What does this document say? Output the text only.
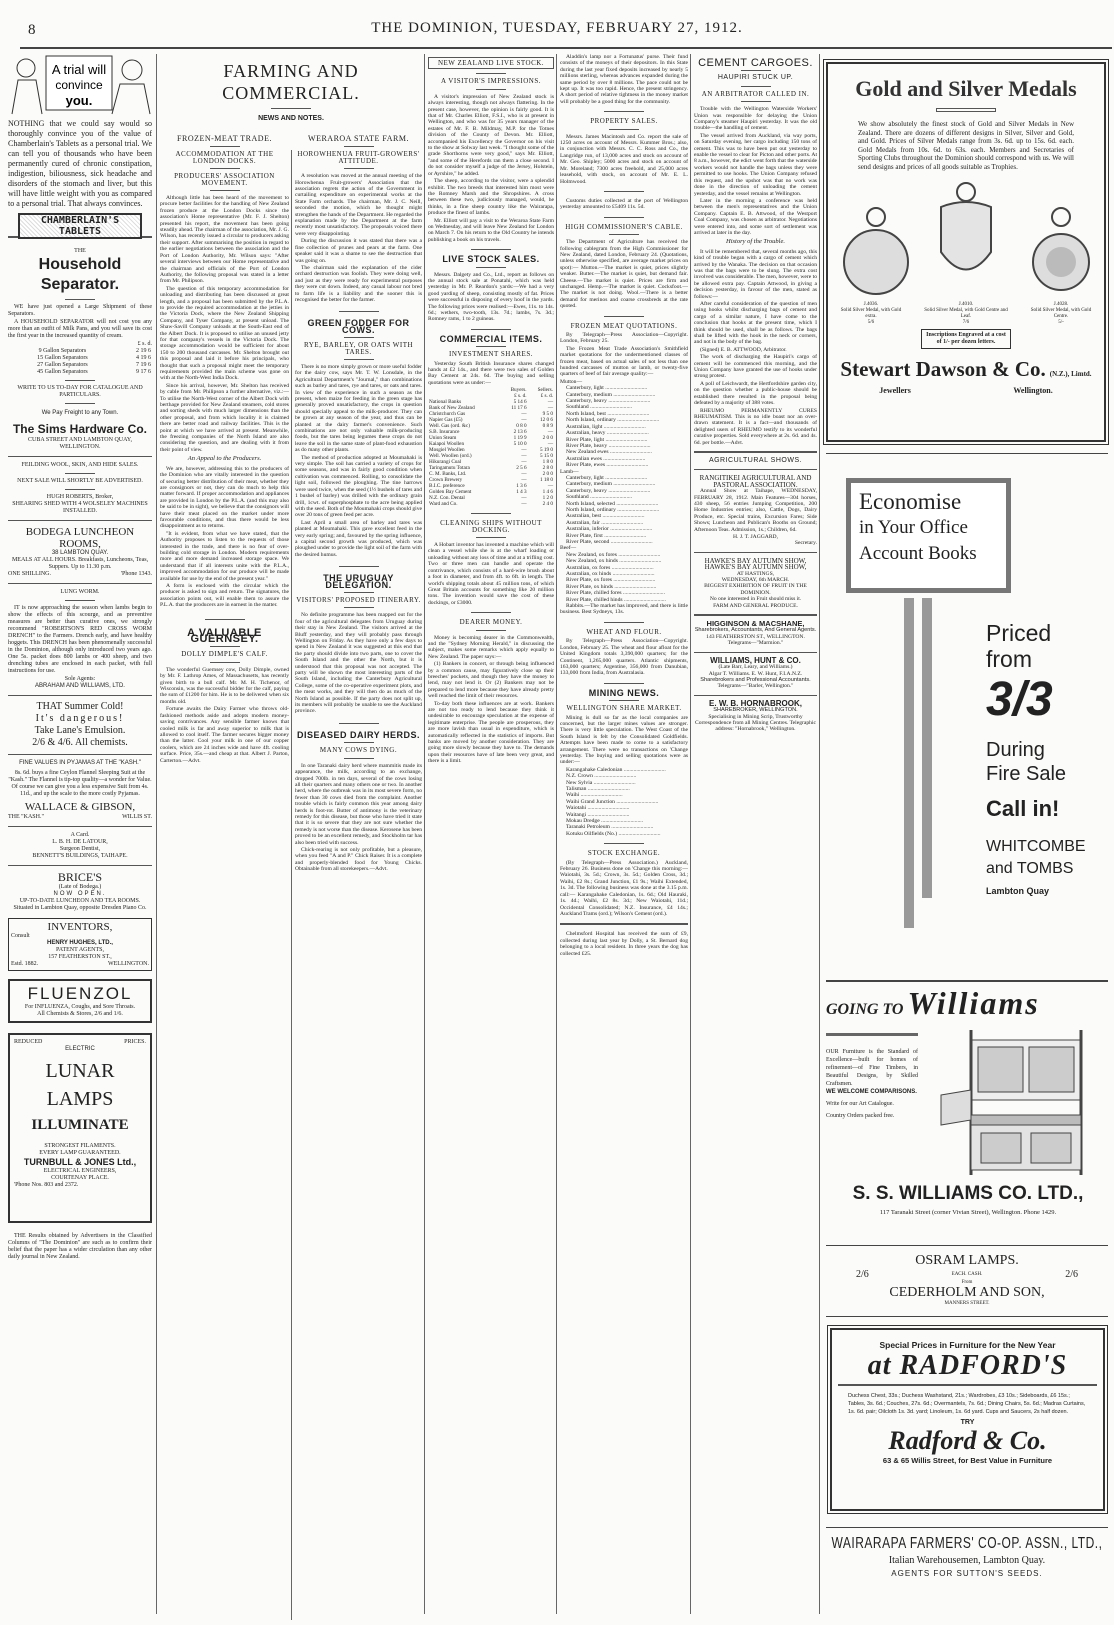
8	THE DOMINION, TUESDAY, FEBRUARY 27, 1912.
A trial will
convince
you.

NOTHING that we could say would so thoroughly convince you of the value of Chamberlain's Tablets as a personal trial. We can tell you of thousands who have been permanently cured of chronic constipation, indigestion, biliousness, sick headache and disorders of the stomach and liver, but this will have little weight with you as compared to a personal trial. That always convinces.

CHAMBERLAIN'S TABLETS
THE
Household Separator.

WE have just opened a Large Shipment of these Separators.

A HOUSEHOLD SEPARATOR will not cost you any more than an outfit of Milk Pans, and you will save its cost the first year in the increased quantity of cream.

£ s. d.
9 Gallon Separators	2 19 6
15 Gallon Separators	4 19 6
27 Gallon Separators	7 19 6
45 Gallon Separators	9 17 6
WRITE TO US TO-DAY FOR CATALOGUE AND PARTICULARS.
We Pay Freight to any Town.
The Sims Hardware Co.
CUBA STREET AND LAMBTON QUAY,
WELLINGTON.
FEILDING WOOL, SKIN, AND HIDE SALES.
NEXT SALE WILL SHORTLY BE ADVERTISED.
HUGH ROBERTS, Broker,
SHEARING SHED WITH 4 WOLSELEY MACHINES INSTALLED.
BODEGA LUNCHEON ROOMS,
38 LAMBTON QUAY.
MEALS AT ALL HOURS. Breakfasts, Luncheons, Teas, Suppers. Up to 11.30 p.m.
ONE SHILLING.	'Phone 1343.
LUNG WORM.

IT is now approaching the season when lambs begin to show the effects of this scourge, and as preventive measures are better than curative ones, we strongly recommend "ROBERTSON'S RED CROSS WORM DRENCH" to the Farmers. Drench early, and have healthy hoggets. This DRENCH has been phenomenally successful in the Dominion, although only introduced two years ago. One 5s. packet does 800 lambs or 400 sheep, and two drenching tubes are enclosed in each packet, with full instructions for use.

Sole Agents:
ABRAHAM AND WILLIAMS, LTD.
THAT Summer Cold!
It's dangerous!
Take Lane's Emulsion.
2/6 & 4/6. All chemists.
FINE VALUES IN PYJAMAS AT THE "KASH."
8s. 6d. buys a fine Ceylon Flannel Sleeping Suit at the "Kash." The Flannel is tip-top quality—a wonder for Value. Of course we can give you a less expensive Suit from 4s. 11d., and up the scale to the more costly Pyjamas.
WALLACE & GIBSON,
THE "KASH."	WILLIS ST.
A Card.
L. B. H. DE LATOUR,
Surgeon Dentist,
BENNETT'S BUILDINGS, TAIHAPE.
BRICE'S
(Late of Bodega.)
NOW OPEN.
UP-TO-DATE LUNCHEON AND TEA ROOMS.
Situated in Lambton Quay, opposite Dresden Piano Co.
INVENTORS,
Consult
HENRY HUGHES, LTD.,
PATENT AGENTS,
157 FEATHERSTON ST.,
Estd. 1882.	WELLINGTON.
FLUENZOL
For INFLUENZA, Coughs, and Sore Throats.
All Chemists & Stores, 2/6 and 1/6.
REDUCED	PRICES.
ELECTRIC
LUNAR
LAMPS
ILLUMINATE
STRONGEST FILAMENTS.
EVERY LAMP GUARANTEED.
TURNBULL & JONES Ltd.,
ELECTRICAL ENGINEERS,
COURTENAY PLACE.
'Phone Nos. 803 and 2372.

THE Results obtained by Advertisers in the Classified Columns of "The Dominion" are such as to confirm their belief that the paper has a wider circulation than any other daily journal in New Zealand.

FARMING AND COMMERCIAL.
NEWS AND NOTES.
FROZEN-MEAT TRADE.
ACCOMMODATION AT THE LONDON DOCKS.
PRODUCERS' ASSOCIATION MOVEMENT.

Although little has been heard of the movement to procure better facilities for the handling of New Zealand frozen produce at the London Docks since the association's Home representative (Mr. F. J. Shelton) presented his report, the movement has been going steadily ahead. The chairman of the association, Mr. J. G. Wilson, has recently issued a circular to producers asking their support. After summarising the position in regard to the earlier negotiations between the association and the Port of London Authority, Mr. Wilson says: "After several interviews between our Home representative and the chairman and officials of the Port of London Authority, the following proposal was stated in a letter from Mr. Philipson.

The question of this temporary accommodation for unloading and distributing has been discussed at great length, and a proposal has been submitted by the P.L.A. to provide the required accommodation at the jetties in the Victoria Dock, where the New Zealand Shipping Company, and Tyser Company, at present unload. The Shaw-Savill Company unloads at the South-East end of the Albert Dock. It is proposed to utilise an unused jetty for that company's vessels in the Victoria Dock. The storage accommodation would be sufficient for about 150 to 200 thousand carcasses. Mr. Shelton brought out this proposal and laid it before his principals, who thought that such a proposal might meet the temporary requirements provided the main scheme was gone on with at the North-West India Dock.

Since his arrival, however, Mr. Shelton has received by cable from Mr. Philipson a further alternative, viz.:—To utilise the North-West corner of the Albert Dock with berthage provided for New Zealand steamers, cold stores and sorting sheds with much larger dimensions than the other proposal, and from which locality it is claimed there are better road and railway facilities. This is the point at which we have arrived at present. Meanwhile, the freezing companies of the North Island are also considering the question, and are dealing with it from their point of view.

An Appeal to the Producers.

We are, however, addressing this to the producers of the Dominion who are vitally interested in the question of securing better distribution of their meat, whether they are consignors or not, they can do much to help this matter forward. If proper accommodation and appliances are provided in London by the P.L.A. (and this may also be said to be in sight), we believe that the consignors will have their meat placed on the market under more favourable conditions, and thus there would be less disappointment as to returns.

"It is evident, from what we have stated, that the Authority proposes to listen to the requests of those interested in the trade, and there is no fear of over-building cold storage in London. Modern requirements more and more demand increased storage space. We understand that if all interests unite with the P.L.A., improved accommodation for our produce will be made available for use by the end of the present year."

A form is enclosed with the circular which the producer is asked to sign and return. The signatures, the association points out, will enable them to assure the P.L.A. that the producers are in earnest in the matter.

A VALUABLE GUERNSEY.
DOLLY DIMPLE'S CALF.

The wonderful Guernsey cow, Dolly Dimple, owned by Mr. F. Lathrop Ames, of Massachusetts, has recently given birth to a bull calf. Mr. M. H. Tichenor, of Wisconsin, was the successful bidder for the calf, paying the sum of £1200 for him. He is to be delivered when six months old.

Fortune awaits the Dairy Farmer who throws old-fashioned methods aside and adopts modern money-saving contrivances. Any sensible farmer knows that cooled milk is far and away superior to milk that is allowed to cool itself. The farmer secures bigger money than the latter. Cool your milk in one of our copper coolers, which are 24 inches wide and have 4ft. cooling surface. Price, 35s.—and cheap at that. Albert J. Parton, Carterton.—Advt.

WERAROA STATE FARM.
HOROWHENUA FRUIT-GROWERS' ATTITUDE.

A resolution was moved at the annual meeting of the Horowhenua Fruit-growers' Association that the association regrets the action of the Government in curtailing expenditure on experimental works at the State Farm orchards. The chairman, Mr. J. C. Neill, seconded the motion, which he thought might strengthen the hands of the Department. He regarded the explanation made by the Department at the farm recently most unsatisfactory. The proposals voiced there were very disappointing.

During the discussion it was stated that there was a fine collection of prunes and pears at the farm. One speaker said it was a shame to see the destruction that was going on.

The chairman said the explanation of the cider orchard destruction was foolish. They were doing well, and just as they were ready for experimental purposes they were cut down. Indeed, any casual labour not bred to farm life is a liability and the sooner this is recognised the better for the farmer.

GREEN FODDER FOR COWS.
RYE, BARLEY, OR OATS WITH TARES.

There is no more simply grown or more useful fodder for the dairy cow, says Mr. T. W. Lonsdale, in the Agricultural Department's "Journal," than combinations such as barley and tares, rye and tares, or oats and tares. In view of the experience in such a season as the present, when maize for feeding in the green stage has generally proved unsatisfactory, the crops in question should specially appeal to the milk-producer. They can be grown at any season of the year, and thus can be planted at the dairy farmer's convenience. Such combinations are not only valuable milk-producing foods, but the tares being legumes these crops do not leave the soil in the same state of plant-food exhaustion as do many other plants.

The method of production adopted at Moumahaki is very simple. The soil has carried a variety of crops for some seasons, and was in fairly good condition when cultivation was commenced. Rolling, to consolidate the light soil, followed the ploughing. The tine harrows were used twice, when the seed (1½ bushels of tares and 1 bushel of barley) was drilled with the ordinary grain drill, 1cwt. of superphosphate to the acre being applied with the seed. Both of the Moumahaki crops should give over 20 tons of green feed per acre.

Last April a small area of barley and tares was planted at Moumahaki. This gave excellent feed in the very early spring; and, favoured by the spring influence, a capital second growth was produced, which was ploughed under to provide the light soil of the farm with the desired humus.

THE URUGUAY DELEGATION.
VISITORS' PROPOSED ITINERARY.

No definite programme has been mapped out for the four of the agricultural delegates from Uruguay during their stay in New Zealand. The visitors arrived at the Bluff yesterday, and they will probably pass through Wellington on Friday. As they have only a few days to spend in New Zealand it was suggested at this end that the party should divide into two parts, one to cover the South Island and the other the North, but it is understood that this proposal was not accepted. The party will be shown the most interesting parts of the South Island, including the Canterbury Agricultural College, some of the co-operative experiment plots, and the meat works, and they will then do as much of the North Island as possible. If the party does not split up, its members will probably be unable to see the Auckland province.

DISEASED DAIRY HERDS.
MANY COWS DYING.

In one Taranaki dairy herd where mammitis made its appearance, the milk, according to an exchange, dropped 700lb. in ten days, several of the cows losing all their quarters and many others one or two. In another herd, where the outbreak was in its most severe form, no fewer than 30 cows died from the complaint. Another trouble which is fairly common this year among dairy herds is foot-rot. Butter of antimony is the veterinary remedy for this disease, but those who have tried it state that it is so severe that they are not sure whether the remedy is not worse than the disease. Kerosene has been proved to be an excellent remedy, and Stockholm tar has also been tried with success.

Chick-rearing is not only profitable, but a pleasure, when you feed "A and P." Chick Raiser. It is a complete and properly-blended food for Young Chicks. Obtainable from all storekeepers.—Advt.

NEW ZEALAND LIVE STOCK.
A VISITOR'S IMPRESSIONS.

A visitor's impression of New Zealand stock is always interesting, though not always flattering. In the present case, however, the opinion is fairly good. It is that of Mr. Charles Elliott, F.S.I., who is at present in Wellington, and who was for 35 years manager of the estates of Mr. F. B. Mildmay, M.P. for the Totnes division of the County of Devon. Mr. Elliott, accompanied his Excellency the Governor on his visit to the show at Solway last week. "I thought some of the grade Shorthorns were very good," says Mr. Elliott, "and some of the Herefords ran them a close second. I do not consider myself a judge of the Jersey, Holstein, or Ayrshire," he added.

The sheep, according to the visitor, were a splendid exhibit. The two breeds that interested him most were the Romney Marsh and the Shropshires. A cross between these two, judiciously managed, would, he thinks, in a fine sheep country like the Wairarapa, produce the finest of lambs.

Mr. Elliott will pay a visit to the Weraroa State Farm on Wednesday, and will leave New Zealand for London on March 7. On his return to the Old Country he intends publishing a book on his travels.

LIVE STOCK SALES.

Messrs. Dalgety and Co., Ltd., report as follows on the annual stock sale at Ponatahi, which was held yesterday in Mr. P. Reardon's yards:—We had a very good yarding of sheep, consisting mostly of fat. Prices were successful in disposing of every hoof in the yards. The following prices were realised:—Ewes, 11s. to 14s. 6d.; wethers, two-tooth, 13s. 7d.; lambs, 7s. 3d.; Romney rams, 1 to 2 guineas.

COMMERCIAL ITEMS.
INVESTMENT SHARES.

Yesterday South British Insurance shares changed hands at £2 14s., and there were two sales of Golden Bay Cement at 24s. 6d. The buying and selling quotations were as under:—

	Buyers.	Sellers.
	£ s. d.	£ s. d.
National Banks	5 14 6	—
Bank of New Zealand	11 17 6	—
Christchurch Gas	—	9 5 0
Napier Gas (£5)	—	12 0 6
Well. Gas (ord. &c)	0 8 0	0 8 9
S.B. Insurance	2 13 6	—
Union Steam	1 19 9	2 0 0
Kaiapoi Woollen	5 10 0	—
Mosgiel Woollen	—	5 19 0
Well. Woollen (ord.)	—	5 15 0
Hikurangi Coal	—	1 8 0
Taringamutu Totara	2 5 6	2 8 0
C. M. Banks, Ltd.	—	2 0 0
Crown Brewery	—	1 18 0
B.I.C. preference	1 3 6	—
Golden Bay Cement	1 4 3	1 4 6
N.Z. Con. Dental	—	1 2 0
Ward and Co.	—	2 4 0
CLEANING SHIPS WITHOUT DOCKING.

A Hobart inventor has invented a machine which will clean a vessel while she is at the wharf loading or unloading without any loss of time and at a trifling cost. Two or three men can handle and operate the contrivance, which consists of a hard-wire brush about a foot in diameter, and from 4ft. to 6ft. in length. The world's shipping totals about 45 million tons, of which Great Britain accounts for something like 20 million tons. The invention would save the cost of these dockings, or £3000.

DEARER MONEY.

Money is becoming dearer in the Commonwealth, and the "Sydney Morning Herald," in discussing the subject, makes some remarks which apply equally to New Zealand. The paper says:—

(1) Bankers in concert, or through being influenced by a common cause, may figuratively close up their breeches' pockets, and though they have the money to lend, may not lend it. Or (2) Bankers may not be prepared to lend more because they have already pretty well reached the limit of their resources.

To-day both these influences are at work. Bankers are not too ready to lend because they think it undesirable to encourage speculation at the expense of legitimate enterprise. The people are prosperous, they are more lavish than usual in expenditure, which is automatically reflected in the statistics of imports. But banks are moved by another consideration. They are going more slowly because they have to. The demands upon their resources have of late been very great, and there is a limit.

Aladdin's lamp nor a Fortunatus' purse. Their fund consists of the moneys of their depositors. In this State during the last year fixed deposits increased by nearly 5 millions sterling, whereas advances expanded during the same period by over 8 millions. The pace could not be kept up. It was too rapid. Hence, the present stringency. A short period of relative tightness in the money market will probably be a good thing for the community.

PROPERTY SALES.

Messrs. James Macintosh and Co. report the sale of 1250 acres on account of Messrs. Kummer Bros.; also, in conjunction with Messrs. C. C. Ross and Co., the Langridge run, of 13,000 acres and stock on account of Mr. Geo. Shipley; 5000 acres and stock on account of Mr. Moreland; 7300 acres freehold, and 25,000 acres leasehold, with stock, on account of Mr. E. L. Holmwood.

Customs duties collected at the port of Wellington yesterday amounted to £5409 11s. 5d.

HIGH COMMISSIONER'S CABLE.

The Department of Agriculture has received the following cablegram from the High Commissioner for New Zealand, dated London, February 24. (Quotations, unless otherwise specified, are average market prices on spot):— Mutton.—The market is quiet, prices slightly weaker. Butter.—The market is quiet, but demand fair. Cheese.—The market is quiet. Prices are firm and unchanged. Hemp.—The market is quiet. Cocksfoot.—The market is not doing. Wool.—There is a better demand for merinos and coarse crossbreds at the rate quoted.

FROZEN MEAT QUOTATIONS.

By Telegraph—Press Association—Copyright. London, February 25.

The Frozen Meat Trade Association's Smithfield market quotations for the undermentioned classes of frozen meat, based on actual sales of not less than one hundred carcasses of mutton or lamb, or twenty-five quarters of beef of fair average quality:—

Mutton—
Canterbury, light ..............................
Canterbury, medium ..............................
Canterbury, heavy ..............................
Southland ..............................
North Island, best ..............................
North Island, ordinary ..............................
Australian, light ..............................
Australian, heavy ..............................
River Plate, light ..............................
River Plate, heavy ..............................
New Zealand ewes ..............................
Australian ewes ..............................
River Plate, ewes ..............................
Lamb—
Canterbury, light ..............................
Canterbury, medium ..............................
Canterbury, heavy ..............................
Southland ..............................
North Island, selected ..............................
North Island, ordinary ..............................
Australian, best ..............................
Australian, fair ..............................
Australian, inferior ..............................
River Plate, first ..............................
River Plate, second ..............................
Beef—
New Zealand, ox fores ..............................
New Zealand, ox hinds ..............................
Australian, ox fores ..............................
Australian, ox hinds ..............................
River Plate, ox fores ..............................
River Plate, ox hinds ..............................
River Plate, chilled fores ..............................
River Plate, chilled hinds ..............................

Rabbits.—The market has improved, and there is little business. Best Sydneys, 13s.

WHEAT AND FLOUR.

By Telegraph—Press Association—Copyright. London, February 25. The wheat and flour afloat for the United Kingdom totals 3,390,000 quarters; for the Continent, 1,265,000 quarters. Atlantic shipments, 163,000 quarters; Argentine, 356,000 from Danubian, 133,000 from India, from Australasia.

MINING NEWS.
WELLINGTON SHARE MARKET.

Mining is dull so far as the local companies are concerned, but the larger mines values are stronger. There is very little speculation. The West Coast of the South Island is felt by the Consolidated Goldfields. Attempts have been made to come to a satisfactory arrangement. There were no transactions on 'Change yesterday. The buying and selling quotations were as under:—

Karangahake Caledonian ..............................
N.Z. Crown ..............................
New Sylvia ..............................
Talisman ..............................
Waihi ..............................
Waihi Grand Junction ..............................
Waiotahi ..............................
Waitangi ..............................
Mokau Dredge ..............................
Taranaki Petroleum ..............................
Kotuku Oilfields (No.) ..............................
STOCK EXCHANGE.

(By Telegraph—Press Association.) Auckland, February 26. Business done on 'Change this morning:— Waiotahi, 3s. 5d.; Crown, 3s. 5d.; Golden Cross, 3d.; Waihi, £2 8s.; Grand Junction, £1 9s.; Waihi Extended, 1s. 3d. The following business was done at the 3.15 p.m. call:— Karangahake Caledonian, 1s. 6d.; Old Hauraki, 1s. 4d.; Waihi, £2 8s. 3d.; New Waiotahi, 11d.; Occidental Consolidated; N.Z. Insurance, £4 14s.; Auckland Trams (ord.); Wilson's Cement (ord.).

Chelmsford Hospital has received the sum of £9, collected during last year by Dolly, a St. Bernard dog belonging to a local resident. In three years the dog has collected £25.

CEMENT CARGOES.
HAUPIRI STUCK UP.
AN ARBITRATOR CALLED IN.

Trouble with the Wellington Waterside Workers' Union was responsible for delaying the Union Company's steamer Haupiri yesterday. It was the old trouble—the handling of cement.

The vessel arrived from Auckland, via way ports, on Saturday evening, her cargo including 150 tons of cement. This was to have been put out yesterday to enable the vessel to clear for Picton and other ports. At 8 a.m., however, the edict went forth that the waterside workers would not handle the bags unless they were permitted to use hooks. The Union Company refused this request, and the upshot was that no work was done in the direction of unloading the cement yesterday, and the vessel remains at Wellington.

Later in the morning a conference was held between the men's representatives and the Union Company. Captain E. B. Attwood, of the Westport Coal Company, was chosen as arbitrator. Negotiations were entered into, and some sort of settlement was arrived at later in the day.

History of the Trouble.

It will be remembered that, several months ago, this kind of trouble began with a cargo of cement which arrived by the Wanaka. The decision on that occasion was that the bags were to be slung. The extra cost involved was considerable. The men, however, were to be allowed extra pay. Captain Attwood, in giving a decision yesterday, in favour of the men, stated as follows:—

After careful consideration of the question of men using hooks whilst discharging bags of cement and cargo of a similar nature, I have come to the conclusion that hooks at the present time, which I think should be used, shall be as follows. The bags shall be lifted with the hook in the neck or corners, and not in the body of the bag.

(Signed) E. B. ATTWOOD, Arbitrator.

The work of discharging the Haupiri's cargo of cement will be commenced this morning, and the Union Company have granted the use of hooks under strong protest.

A poll of Leichwardt, the Hertfordshire garden city, on the question whether a public-house should be established there resulted in the proposal being defeated by a majority of 388 votes.

RHEUMO PERMANENTLY CURES RHEUMATISM. This is no idle boast nor an over-drawn statement. It is a fact—and thousands of delighted users of RHEUMO testify to its wonderful curative properties. Sold everywhere at 2s. 6d. and 4s. 6d. per bottle.—Advt.

AGRICULTURAL SHOWS.
RANGITIKEI AGRICULTURAL AND PASTORAL ASSOCIATION.

Annual Show at Taihape, WEDNESDAY, FEBRUARY 28, 1912. Main Features—304 horses, 430 sheep, 56 entries Jumping Competition, 200 Home Industries entries; also, Cattle, Dogs, Dairy Produce, etc. Special trains, Excursion Fares; Side Shows; Luncheon and Publican's Booths on Ground; Afternoon Teas. Admission, 1s.; Children, 6d.

H. J. T. JAGGARD,
Secretary.
HAWKE'S BAY AUTUMN SHOW,
HAWKE'S BAY AUTUMN SHOW,
AT HASTINGS,
WEDNESDAY, 6th MARCH.
BIGGEST EXHIBITION OF FRUIT IN THE DOMINION.
No one interested in Fruit should miss it.
FARM AND GENERAL PRODUCE.
HIGGINSON & MACSHANE,
Sharebrokers, Accountants, And General Agents.
143 FEATHERSTON ST., WELLINGTON.
Telegrams—"Marmion."
WILLIAMS, HUNT & CO.
(Late Barr, Leary, and Williams.)
Algar T. Williams. E. W. Hunt, F.I.A.N.Z.
Sharebrokers and Professional Accountants.
Telegrams—"Barler, Wellington."
E. W. B. HORNABROOK,
SHAREBROKER, WELLINGTON.

Specialising in Mining Scrip, Trustworthy Correspondence from all Mining Centres. Telegraphic address: "Hornabrook," Wellington.

Gold and Silver Medals

We show absolutely the finest stock of Gold and Silver Medals in New Zealand. There are dozens of different designs in Silver, Silver and Gold, and Gold. Prices of Silver Medals range from 3s. 6d. up to 15s. 6d. each. Gold Medals from 10s. 6d. to 63s. each. Members and Secretaries of Sporting Clubs throughout the Dominion should correspond with us. We will send designs and prices of all goods suitable as Trophies.

J.4036.
Solid Silver Medal, with Gold extra.
5/6
J.4010.
Solid Silver Medal, with Gold Centre and Leaf.
7/6
Inscriptions Engraved at a cost of 1/- per dozen letters.
J.4028.
Solid Silver Medal, with Gold Centre.
5/-
Stewart Dawson & Co. (N.Z.), Limtd.
Jewellers	Wellington.
Economise
in Your Office
Account Books
Priced
from
3/3
During
Fire Sale
Call in!
WHITCOMBE
and TOMBS
Lambton Quay
GOING TO Williams

OUR Furniture is the Standard of Excellence—built for homes of refinement—of Fine Timbers, in Beautiful Designs, by Skilled Craftsmen.

WE WELCOME COMPARISONS.

Write for our Art Catalogue.

Country Orders packed free.

S. S. WILLIAMS CO. LTD.,
117 Taranaki Street (corner Vivian Street), Wellington. Phone 1429.
OSRAM LAMPS.
2/6	EACH. CASH.	2/6
From
CEDERHOLM AND SON,
MANNERS STREET.
Special Prices in Furniture for the New Year
at RADFORD'S

Duchess Chest, 33s.; Duchess Washstand, 21s.; Wardrobes, £3 10s.; Sideboards, £6 15s.; Tables, 3s. 6d.; Couches, 27s. 6d.; Overmantels, 7s. 6d.; Dining Chairs, 5s. 6d.; Madras Curtains, 1s. 6d. pair; Oilcloth 1s. 3d. yard; Linoleum, 1s. 6d yard. Cups and Saucers, 2s half dozen.

TRY
Radford & Co.
63 & 65 Willis Street, for Best Value in Furniture
WAIRARAPA FARMERS' CO-OP. ASSN., LTD.,
Italian Warehousemen, Lambton Quay.
AGENTS FOR SUTTON'S SEEDS.
